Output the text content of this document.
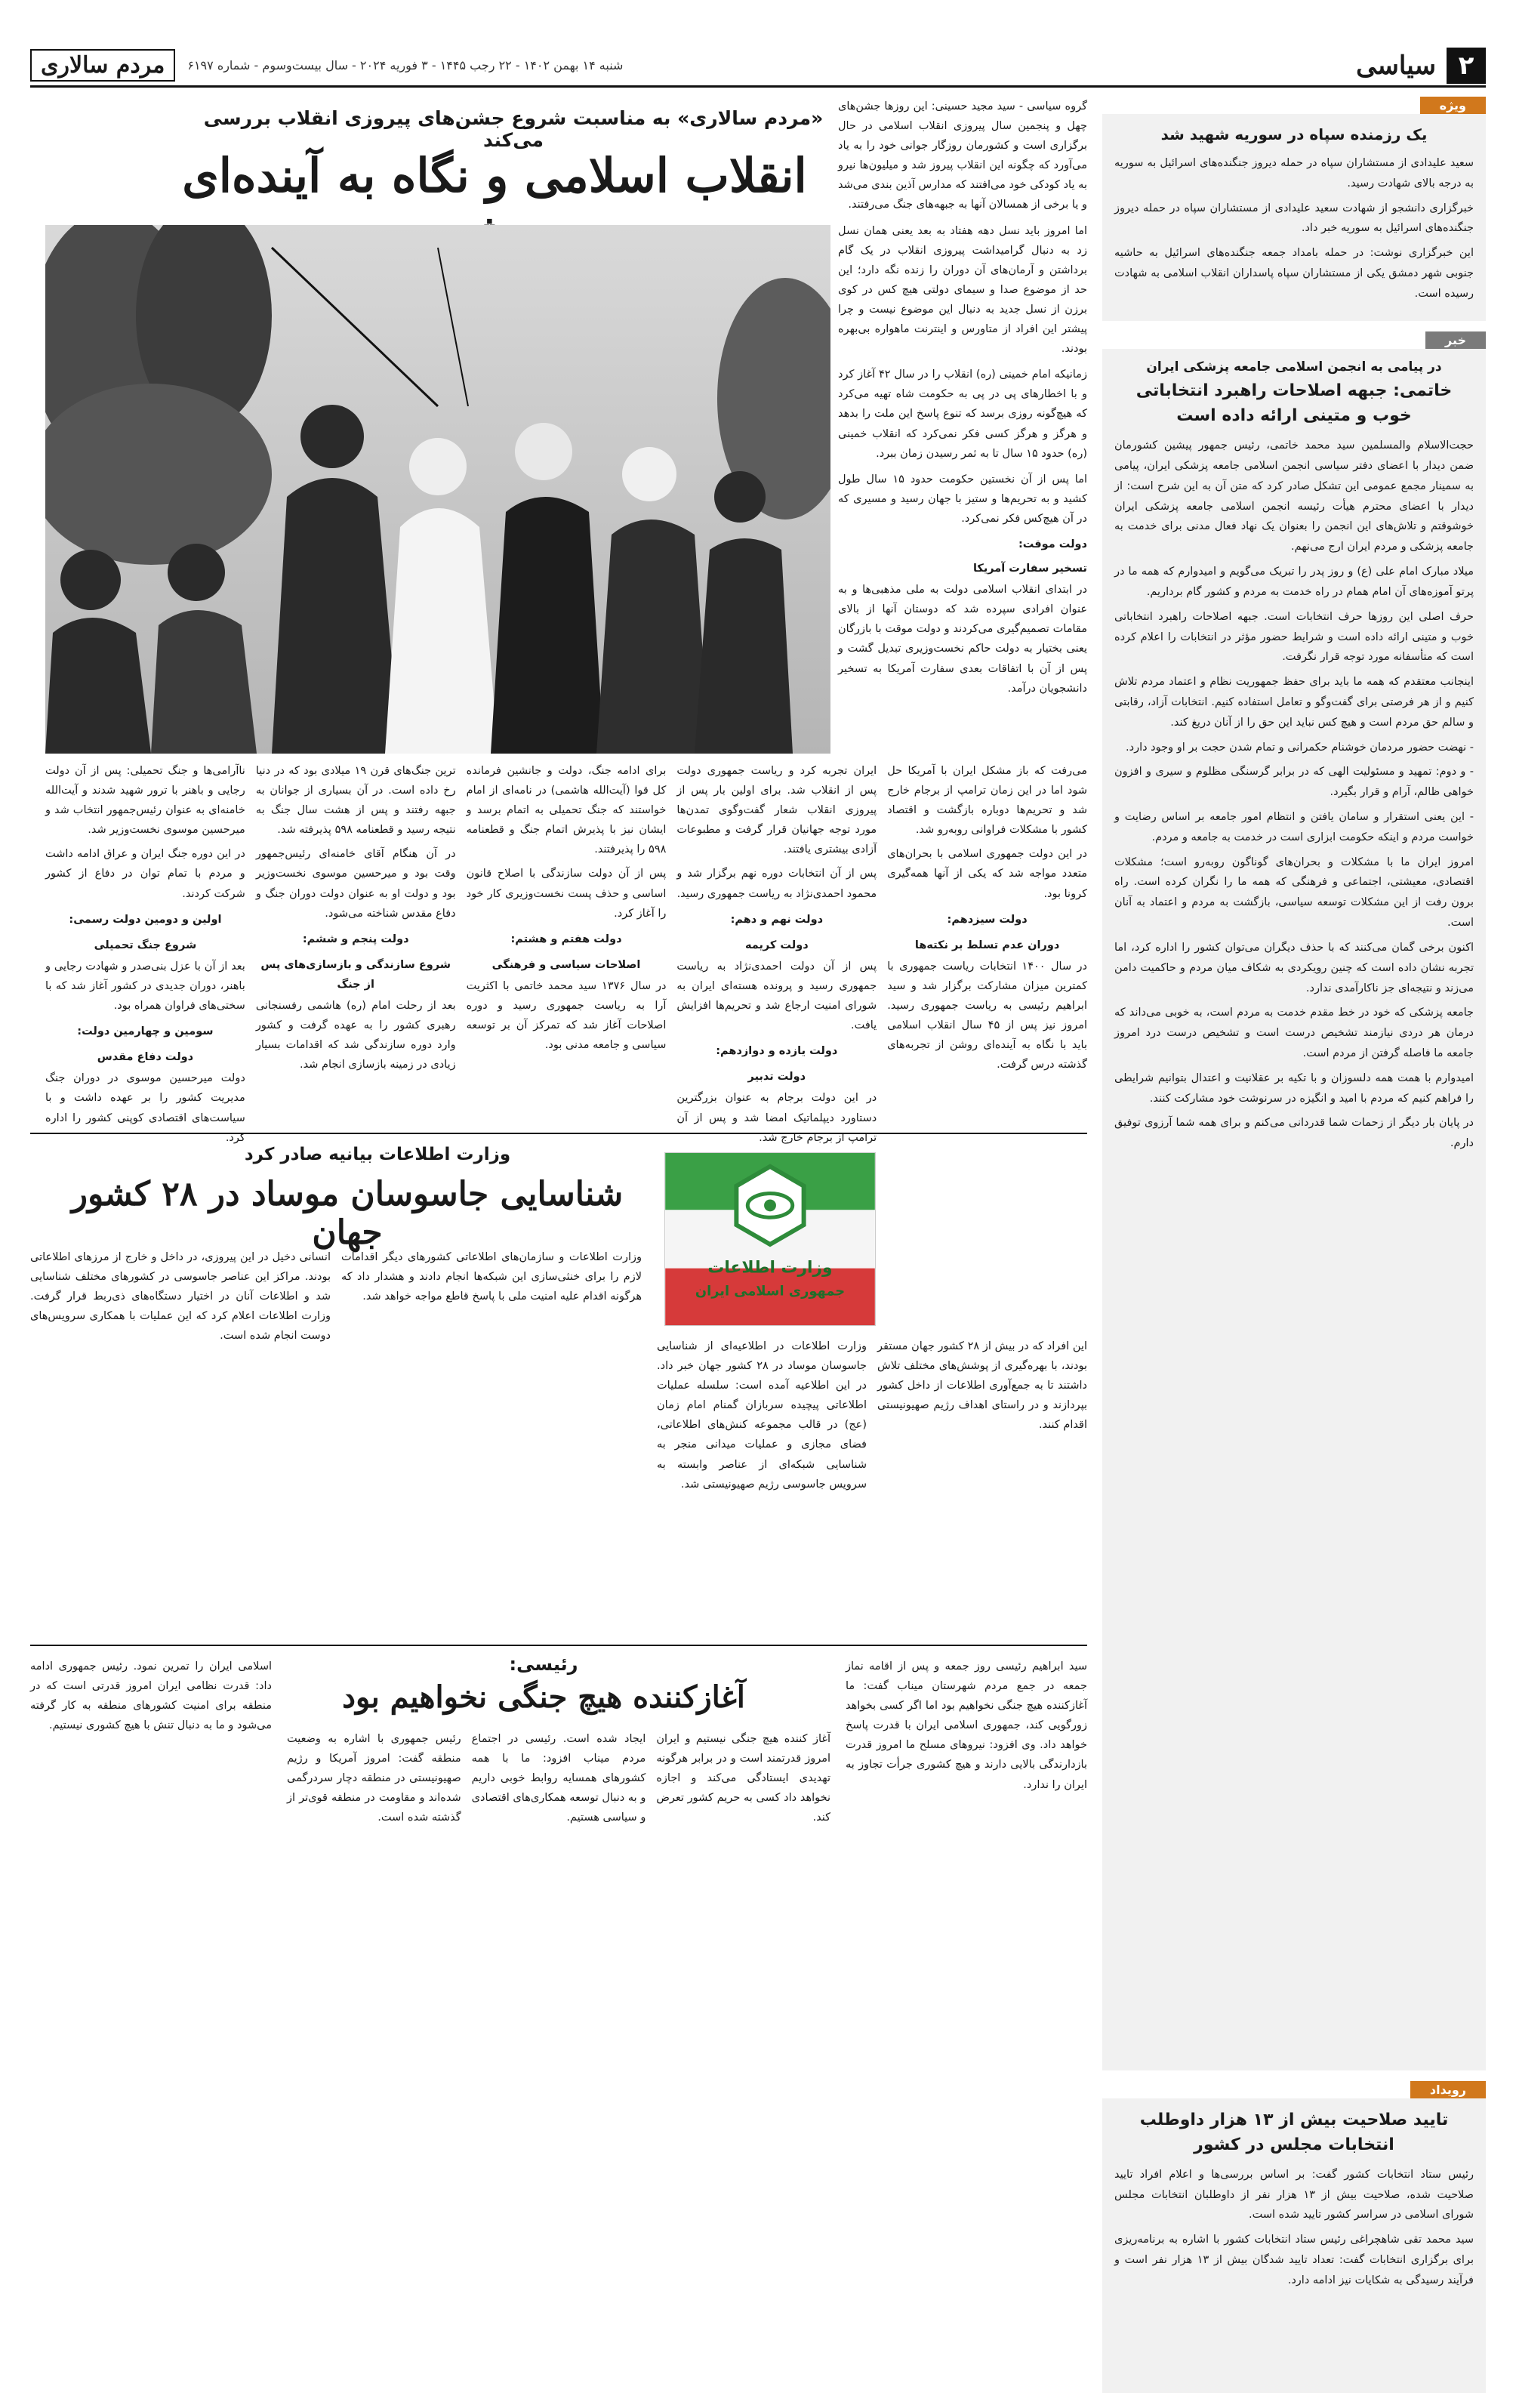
۲
سیاسی
شنبه ۱۴ بهمن ۱۴۰۲ - ۲۲ رجب ۱۴۴۵ - ۳ فوریه ۲۰۲۴ - سال بیست‌وسوم - شماره ۶۱۹۷
مردم سالاری
ویژه
یک رزمنده سپاه در سوریه شهید شد

سعید علیدادی از مستشاران سپاه در حمله دیروز جنگنده‌های اسرائیل به سوریه به درجه بالای شهادت رسید.

خبرگزاری دانشجو از شهادت سعید علیدادی از مستشاران سپاه در حمله دیروز جنگنده‌های اسرائیل به سوریه خبر داد.

این خبرگزاری نوشت: در حمله بامداد جمعه جنگنده‌های اسرائیل به حاشیه جنوبی شهر دمشق یکی از مستشاران سپاه پاسداران انقلاب اسلامی به شهادت رسیده است.

خبر
در پیامی به انجمن اسلامی جامعه پزشکی ایران
خاتمی: جبهه اصلاحات راهبرد انتخاباتی خوب و متینی ارائه داده است

حجت‌الاسلام والمسلمین سید محمد خاتمی، رئیس جمهور پیشین کشورمان ضمن دیدار با اعضای دفتر سیاسی انجمن اسلامی جامعه پزشکی ایران، پیامی به سمینار مجمع عمومی این تشکل صادر کرد که متن آن به این شرح است: از دیدار با اعضای محترم هیأت رئیسه انجمن اسلامی جامعه پزشکی ایران خوشوقتم و تلاش‌های این انجمن را بعنوان یک نهاد فعال مدنی برای خدمت به جامعه پزشکی و مردم ایران ارج می‌نهم.

میلاد مبارک امام علی (ع) و روز پدر را تبریک می‌گویم و امیدوارم که همه ما در پرتو آموزه‌های آن امام همام در راه خدمت به مردم و کشور گام برداریم.

حرف اصلی این روزها حرف انتخابات است. جبهه اصلاحات راهبرد انتخاباتی خوب و متینی ارائه داده است و شرایط حضور مؤثر در انتخابات را اعلام کرده است که متأسفانه مورد توجه قرار نگرفت.

اینجانب معتقدم که همه ما باید برای حفظ جمهوریت نظام و اعتماد مردم تلاش کنیم و از هر فرصتی برای گفت‌وگو و تعامل استفاده کنیم. انتخابات آزاد، رقابتی و سالم حق مردم است و هیچ کس نباید این حق را از آنان دریغ کند.

- نهضت حضور مردمان خوشنام حکمرانی و تمام شدن حجت بر او وجود دارد.

- و دوم: تمهید و مسئولیت الهی که در برابر گرسنگی مظلوم و سیری و افزون خواهی ظالم، آرام و قرار بگیرد.

- این یعنی استقرار و سامان یافتن و انتظام امور جامعه بر اساس رضایت و خواست مردم و اینکه حکومت ابزاری است در خدمت به جامعه و مردم.

امروز ایران ما با مشکلات و بحران‌های گوناگون روبه‌رو است؛ مشکلات اقتصادی، معیشتی، اجتماعی و فرهنگی که همه ما را نگران کرده است. راه برون رفت از این مشکلات توسعه سیاسی، بازگشت به مردم و اعتماد به آنان است.

اکنون برخی گمان می‌کنند که با حذف دیگران می‌توان کشور را اداره کرد، اما تجربه نشان داده است که چنین رویکردی به شکاف میان مردم و حاکمیت دامن می‌زند و نتیجه‌ای جز ناکارآمدی ندارد.

جامعه پزشکی که خود در خط مقدم خدمت به مردم است، به خوبی می‌داند که درمان هر دردی نیازمند تشخیص درست است و تشخیص درست درد امروز جامعه ما فاصله گرفتن از مردم است.

امیدوارم با همت همه دلسوزان و با تکیه بر عقلانیت و اعتدال بتوانیم شرایطی را فراهم کنیم که مردم با امید و انگیزه در سرنوشت خود مشارکت کنند.

در پایان بار دیگر از زحمات شما قدردانی می‌کنم و برای همه شما آرزوی توفیق دارم.

رویداد
تایید صلاحیت بیش از ۱۳ هزار داوطلب انتخابات مجلس در کشور

رئیس ستاد انتخابات کشور گفت: بر اساس بررسی‌ها و اعلام افراد تایید صلاحیت شده، صلاحیت بیش از ۱۳ هزار نفر از داوطلبان انتخابات مجلس شورای اسلامی در سراسر کشور تایید شده است.

سید محمد تقی شاهچراغی رئیس ستاد انتخابات کشور با اشاره به برنامه‌ریزی برای برگزاری انتخابات گفت: تعداد تایید شدگان بیش از ۱۳ هزار نفر است و فرآیند رسیدگی به شکایات نیز ادامه دارد.

«مردم سالاری» به مناسبت شروع جشن‌های پیروزی انقلاب بررسی می‌کند
انقلاب اسلامی و نگاه به آینده‌ای

گروه سیاسی - سید مجید حسینی: این روزها جشن‌های چهل و پنجمین سال پیروزی انقلاب اسلامی در حال برگزاری است و کشورمان روزگار جوانی خود را به یاد می‌آورد که چگونه این انقلاب پیروز شد و میلیون‌ها نیرو به یاد کودکی خود می‌افتند که مدارس آذین بندی می‌شد و یا برخی از همسالان آنها به جبهه‌های جنگ می‌رفتند.

اما امروز باید نسل دهه هفتاد به بعد یعنی همان نسل زد به دنبال گرامیداشت پیروزی انقلاب در یک گام برداشتن و آرمان‌های آن دوران را زنده نگه دارد؛ این حد از موضوع صدا و سیمای دولتی هیچ کس در کوی برزن از نسل جدید به دنبال این موضوع نیست و چرا پیشتر این افراد از متاورس و اینترنت ماهواره بی‌بهره بودند.

زمانیکه امام خمینی (ره) انقلاب را در سال ۴۲ آغاز کرد و با اخطارهای پی در پی به حکومت شاه تهیه می‌کرد که هیچ‌گونه روزی برسد که تنوع پاسخ این ملت را بدهد و هرگز و هرگز کسی فکر نمی‌کرد که انقلاب خمینی (ره) حدود ۱۵ سال تا به ثمر رسیدن زمان ببرد.

اما پس از آن نخستین حکومت حدود ۱۵ سال طول کشید و به تحریم‌ها و ستیز با جهان رسید و مسیری که در آن هیچ‌کس فکر نمی‌کرد.

دولت موقت:
تسخیر سفارت آمریکا

در ابتدای انقلاب اسلامی دولت به ملی مذهبی‌ها و به عنوان افرادی سپرده شد که دوستان آنها از بالای مقامات تصمیم‌گیری می‌کردند و دولت موقت با بازرگان یعنی بختیار به دولت حاکم نخست‌وزیری تبدیل گشت و پس از آن با اتفاقات بعدی سفارت آمریکا به تسخیر دانشجویان درآمد.

می‌رفت که باز مشکل ایران با آمریکا حل شود اما در این زمان ترامپ از برجام خارج شد و تحریم‌ها دوباره بازگشت و اقتصاد کشور با مشکلات فراوانی روبه‌رو شد.

در این دولت جمهوری اسلامی با بحران‌های متعدد مواجه شد که یکی از آنها همه‌گیری کرونا بود.

دولت سیزدهم:
دوران عدم تسلط بر نکته‌ها

در سال ۱۴۰۰ انتخابات ریاست جمهوری با کمترین میزان مشارکت برگزار شد و سید ابراهیم رئیسی به ریاست جمهوری رسید. امروز نیز پس از ۴۵ سال انقلاب اسلامی باید با نگاه به آینده‌ای روشن از تجربه‌های گذشته درس گرفت.

ایران تجربه کرد و ریاست جمهوری دولت پس از انقلاب شد. برای اولین بار پس از پیروزی انقلاب شعار گفت‌وگوی تمدن‌ها مورد توجه جهانیان قرار گرفت و مطبوعات آزادی بیشتری یافتند.

پس از آن انتخابات دوره نهم برگزار شد و محمود احمدی‌نژاد به ریاست جمهوری رسید.

دولت نهم و دهم:
دولت کریمه

پس از آن دولت احمدی‌نژاد به ریاست جمهوری رسید و پرونده هسته‌ای ایران به شورای امنیت ارجاع شد و تحریم‌ها افزایش یافت.

دولت یازده و دوازدهم:
دولت تدبیر

در این دولت برجام به عنوان بزرگترین دستاورد دیپلماتیک امضا شد و پس از آن ترامپ از برجام خارج شد.

برای ادامه جنگ، دولت و جانشین فرمانده کل قوا (آیت‌الله هاشمی) در نامه‌ای از امام خواستند که جنگ تحمیلی به اتمام برسد و ایشان نیز با پذیرش اتمام جنگ و قطعنامه ۵۹۸ را پذیرفتند.

پس از آن دولت سازندگی با اصلاح قانون اساسی و حذف پست نخست‌وزیری کار خود را آغاز کرد.

دولت هفتم و هشتم:
اصلاحات سیاسی و فرهنگی

در سال ۱۳۷۶ سید محمد خاتمی با اکثریت آرا به ریاست جمهوری رسید و دوره اصلاحات آغاز شد که تمرکز آن بر توسعه سیاسی و جامعه مدنی بود.

ترین جنگ‌های قرن ۱۹ میلادی بود که در دنیا رخ داده است. در آن بسیاری از جوانان به جبهه رفتند و پس از هشت سال جنگ به نتیجه رسید و قطعنامه ۵۹۸ پذیرفته شد.

در آن هنگام آقای خامنه‌ای رئیس‌جمهور وقت بود و میرحسین موسوی نخست‌وزیر بود و دولت او به عنوان دولت دوران جنگ و دفاع مقدس شناخته می‌شود.

دولت پنجم و ششم:
شروع سازندگی و بازسازی‌های پس از جنگ

بعد از رحلت امام (ره) هاشمی رفسنجانی رهبری کشور را به عهده گرفت و کشور وارد دوره سازندگی شد که اقدامات بسیار زیادی در زمینه بازسازی انجام شد.

ناآرامی‌ها و جنگ تحمیلی: پس از آن دولت رجایی و باهنر با ترور شهید شدند و آیت‌الله خامنه‌ای به عنوان رئیس‌جمهور انتخاب شد و میرحسین موسوی نخست‌وزیر شد.

در این دوره جنگ ایران و عراق ادامه داشت و مردم با تمام توان در دفاع از کشور شرکت کردند.

اولین و دومین دولت رسمی:
شروع جنگ تحمیلی

بعد از آن با عزل بنی‌صدر و شهادت رجایی و باهنر، دوران جدیدی در کشور آغاز شد که با سختی‌های فراوان همراه بود.

سومین و چهارمین دولت:
دولت دفاع مقدس

دولت میرحسین موسوی در دوران جنگ مدیریت کشور را بر عهده داشت و با سیاست‌های اقتصادی کوپنی کشور را اداره کرد.

وزارت اطلاعات بیانیه صادر کرد
شناسایی جاسوسان موساد در ۲۸ کشور جهان
وزارت اطلاعات
جمهوری اسلامی ایران
وزارت اطلاعات و سازمان‌های اطلاعاتی کشورهای دیگر اقدامات لازم را برای خنثی‌سازی این شبکه‌ها انجام دادند و هشدار داد که هرگونه اقدام علیه امنیت ملی با پاسخ قاطع مواجه خواهد شد.
انسانی دخیل در این پیروزی، در داخل و خارج از مرزهای اطلاعاتی بودند. مراکز این عناصر جاسوسی در کشورهای مختلف شناسایی شد و اطلاعات آنان در اختیار دستگاه‌های ذی‌ربط قرار گرفت. وزارت اطلاعات اعلام کرد که این عملیات با همکاری سرویس‌های دوست انجام شده است.
این افراد که در بیش از ۲۸ کشور جهان مستقر بودند، با بهره‌گیری از پوشش‌های مختلف تلاش داشتند تا به جمع‌آوری اطلاعات از داخل کشور بپردازند و در راستای اهداف رژیم صهیونیستی اقدام کنند.
وزارت اطلاعات در اطلاعیه‌ای از شناسایی جاسوسان موساد در ۲۸ کشور جهان خبر داد. در این اطلاعیه آمده است: سلسله عملیات اطلاعاتی پیچیده سربازان گمنام امام زمان (عج) در قالب مجموعه کنش‌های اطلاعاتی، فضای مجازی و عملیات میدانی منجر به شناسایی شبکه‌ای از عناصر وابسته به سرویس جاسوسی رژیم صهیونیستی شد.
سید ابراهیم رئیسی روز جمعه و پس از اقامه نماز جمعه در جمع مردم شهرستان میناب گفت: ما آغازکننده هیچ جنگی نخواهیم بود اما اگر کسی بخواهد زورگویی کند، جمهوری اسلامی ایران با قدرت پاسخ خواهد داد. وی افزود: نیروهای مسلح ما امروز قدرت بازدارندگی بالایی دارند و هیچ کشوری جرأت تجاوز به ایران را ندارد.
اسلامی ایران را تمرین نمود. رئیس جمهوری ادامه داد: قدرت نظامی ایران امروز قدرتی است که در منطقه برای امنیت کشورهای منطقه به کار گرفته می‌شود و ما به دنبال تنش با هیچ کشوری نیستیم.
رئیسی:
آغازکننده هیچ جنگی نخواهیم بود
آغاز کنند‌ه هیچ جنگی نیستیم و ایران امروز قدرتمند است و در برابر هرگونه تهدیدی ایستادگی می‌کند و اجازه نخواهد داد کسی به حریم کشور تعرض کند.
ایجاد شده است. رئیسی در اجتماع مردم میناب افزود: ما با همه کشورهای همسایه روابط خوبی داریم و به دنبال توسعه همکاری‌های اقتصادی و سیاسی هستیم.
رئیس جمهوری با اشاره به وضعیت منطقه گفت: امروز آمریکا و رژیم صهیونیستی در منطقه دچار سردرگمی شده‌اند و مقاومت در منطقه قوی‌تر از گذشته شده است.
